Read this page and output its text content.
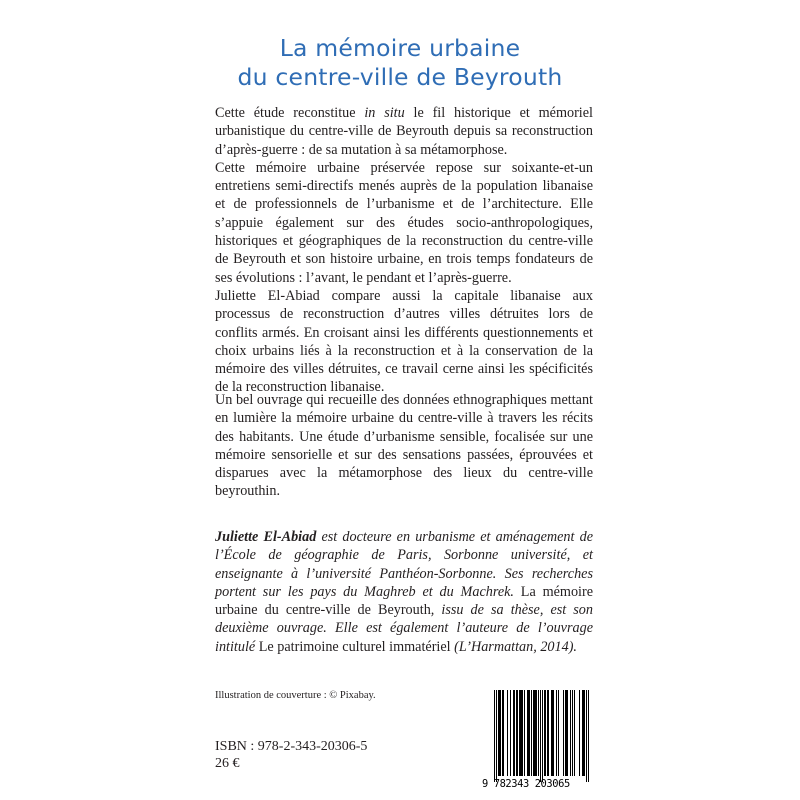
La mémoire urbaine
du centre-ville de Beyrouth

Cette étude reconstitue in situ le fil historique et mémoriel urbanistique du centre-ville de Beyrouth depuis sa reconstruction d’après-guerre : de sa mutation à sa métamorphose.

Cette mémoire urbaine préservée repose sur soixante-et-un entretiens semi-directifs menés auprès de la population libanaise et de professionnels de l’urbanisme et de l’architecture. Elle s’appuie également sur des études socio-anthropologiques, historiques et géographiques de la reconstruction du centre-ville de Beyrouth et son histoire urbaine, en trois temps fondateurs de ses évolutions : l’avant, le pendant et l’après-guerre.

Juliette El-Abiad compare aussi la capitale libanaise aux processus de reconstruction d’autres villes détruites lors de conflits armés. En croisant ainsi les différents questionnements et choix urbains liés à la reconstruction et à la conservation de la mémoire des villes détruites, ce travail cerne ainsi les spécificités de la reconstruction libanaise.

Un bel ouvrage qui recueille des données ethnographiques mettant en lumière la mémoire urbaine du centre-ville à travers les récits des habitants. Une étude d’urbanisme sensible, focalisée sur une mémoire sensorielle et sur des sensations passées, éprouvées et disparues avec la métamorphose des lieux du centre-ville beyrouthin.

Juliette El-Abiad est docteure en urbanisme et aménagement de l’École de géographie de Paris, Sorbonne université, et enseignante à l’université Panthéon-Sorbonne. Ses recherches portent sur les pays du Maghreb et du Machrek. La mémoire urbaine du centre-ville de Beyrouth, issu de sa thèse, est son deuxième ouvrage. Elle est également l’auteure de l’ouvrage intitulé Le patrimoine culturel immatériel (L’Harmattan, 2014).

Illustration de couverture : © Pixabay.
ISBN : 978-2-343-20306-5
26 €
9 782343 203065
